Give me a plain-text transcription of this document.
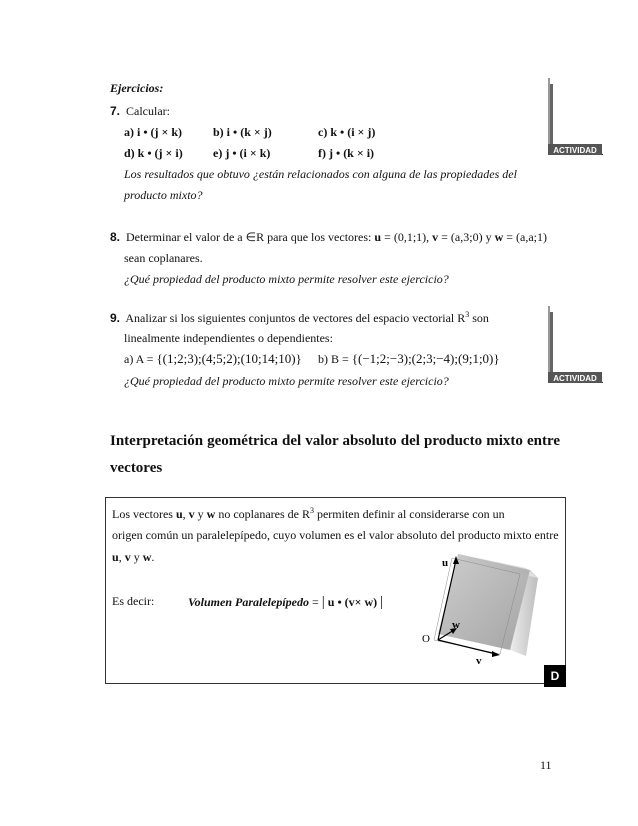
Ejercicios:
7. Calcular:
a) i • (j × k)	b) i • (k × j)	c) k • (i × j)
d) k • (j × i)	e) j • (i × k)	f) j • (k × i)
Los resultados que obtuvo ¿están relacionados con alguna de las propiedades del
producto mixto?
ACTIVIDAD .
8. Determinar el valor de a ∈R para que los vectores: u = (0,1;1), v = (a,3;0) y w = (a,a;1)
sean coplanares.
¿Qué propiedad del producto mixto permite resolver este ejercicio?
9. Analizar si los siguientes conjuntos de vectores del espacio vectorial $R^3$ son
linealmente independientes o dependientes:
a) A = {(1;2;3);(4;5;2);(10;14;10)} b) B = {(−1;2;−3);(2;3;−4);(9;1;0)}
¿Qué propiedad del producto mixto permite resolver este ejercicio?	ACTIVIDAD .
Interpretación geométrica del valor absoluto del producto mixto entre vectores
Los vectores u, v y w no coplanares de $R^3$ permiten definir al considerarse con un
origen común un paralelepípedo, cuyo volumen es el valor absoluto del producto mixto entre
u, v y w.
Es decir:	Volumen Paralelepípedo = | u • (v× w) |
u
v
w
O
D
11
